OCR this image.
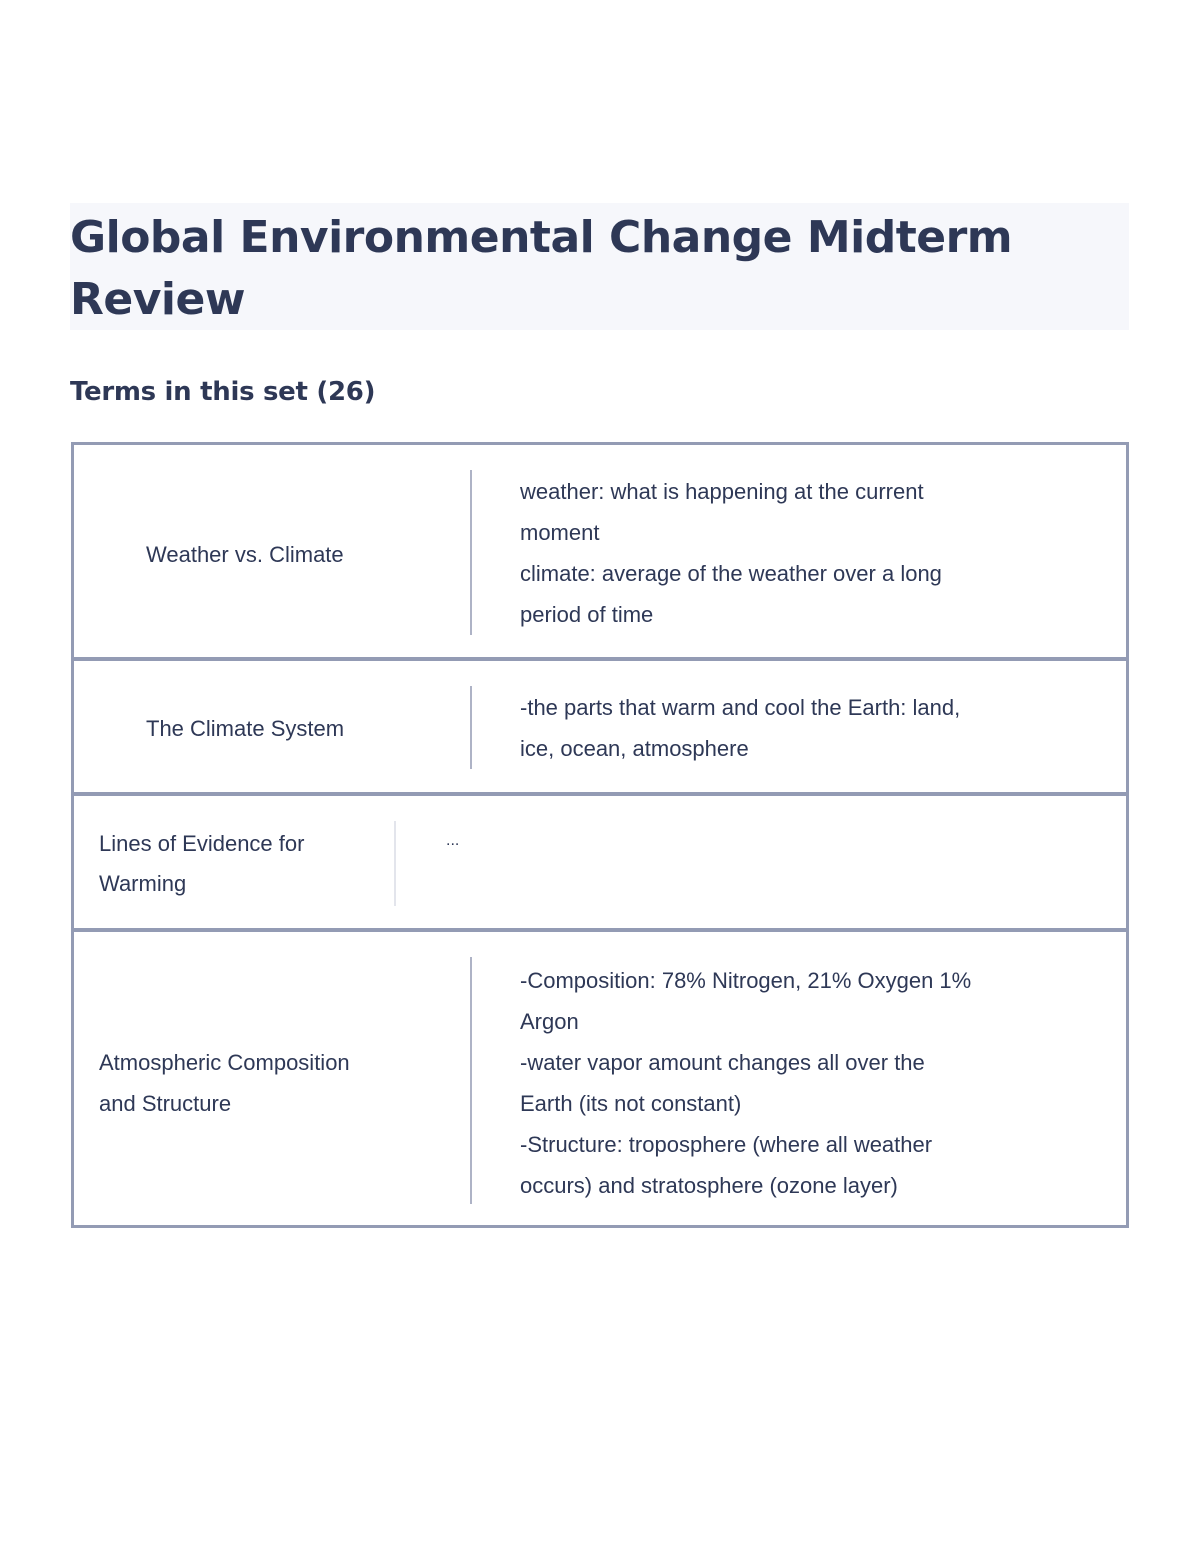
Global Environmental Change Midterm
Review
Terms in this set (26)
Weather vs. Climate
weather: what is happening at the current
moment
climate: average of the weather over a long
period of time
The Climate System
-the parts that warm and cool the Earth: land,
ice, ocean, atmosphere
Lines of Evidence for
Warming
...
Atmospheric Composition
and Structure
-Composition: 78% Nitrogen, 21% Oxygen 1%
Argon
-water vapor amount changes all over the
Earth (its not constant)
-Structure: troposphere (where all weather
occurs) and stratosphere (ozone layer)
